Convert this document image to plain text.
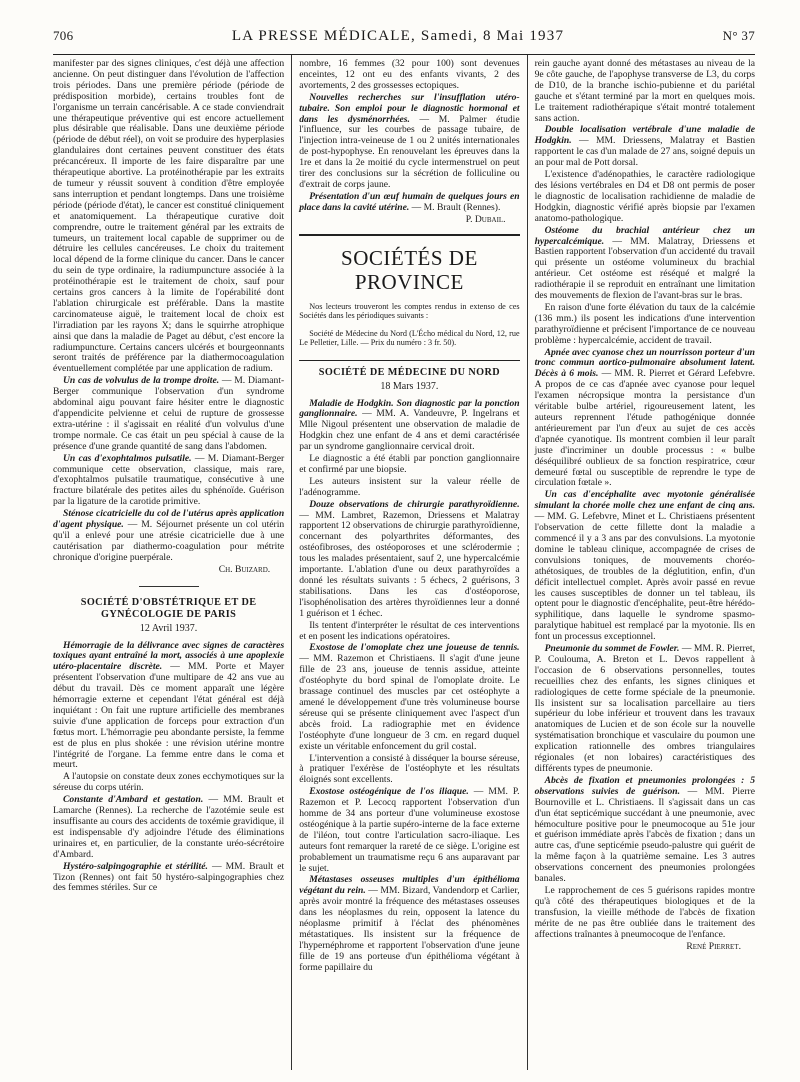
706	LA PRESSE MÉDICALE, Samedi, 8 Mai 1937	N° 37

manifester par des signes cliniques, c'est déjà une affection ancienne. On peut distinguer dans l'évolution de l'affection trois périodes. Dans une première période (période de prédisposition morbide), certains troubles font de l'organisme un terrain cancérisable. A ce stade conviendrait une thérapeutique préventive qui est encore actuellement plus désirable que réalisable. Dans une deuxième période (période de début réel), on voit se produire des hyperplasies glandulaires dont certaines peuvent constituer des états précancéreux. Il importe de les faire disparaître par une thérapeutique abortive. La protéinothérapie par les extraits de tumeur y réussit souvent à condition d'être employée sans interruption et pendant longtemps. Dans une troisième période (période d'état), le cancer est constitué cliniquement et anatomiquement. La thérapeutique curative doit comprendre, outre le traitement général par les extraits de tumeurs, un traitement local capable de supprimer ou de détruire les cellules cancéreuses. Le choix du traitement local dépend de la forme clinique du cancer. Dans le cancer du sein de type ordinaire, la radiumpuncture associée à la protéinothérapie est le traitement de choix, sauf pour certains gros cancers à la limite de l'opérabilité dont l'ablation chirurgicale est préférable. Dans la mastite carcinomateuse aiguë, le traitement local de choix est l'irradiation par les rayons X; dans le squirrhe atrophique ainsi que dans la maladie de Paget au début, c'est encore la radiumpuncture. Certains cancers ulcérés et bourgeonnants seront traités de préférence par la diathermocoagulation éventuellement complétée par une application de radium.

Un cas de volvulus de la trompe droite. — M. Diamant-Berger communique l'observation d'un syndrome abdominal aigu pouvant faire hésiter entre le diagnostic d'appendicite pelvienne et celui de rupture de grossesse extra-utérine : il s'agissait en réalité d'un volvulus d'une trompe normale. Ce cas était un peu spécial à cause de la présence d'une grande quantité de sang dans l'abdomen.

Un cas d'exophtalmos pulsatile. — M. Diamant-Berger communique cette observation, classique, mais rare, d'exophtalmos pulsatile traumatique, consécutive à une fracture bilatérale des petites ailes du sphénoïde. Guérison par la ligature de la carotide primitive.

Sténose cicatricielle du col de l'utérus après application d'agent physique. — M. Séjournet présente un col utérin qu'il a enlevé pour une atrésie cicatricielle due à une cautérisation par diathermo-coagulation pour métrite chronique d'origine puerpérale.

Ch. Buizard.
SOCIÉTÉ D'OBSTÉTRIQUE ET DE GYNÉCOLOGIE DE PARIS
12 Avril 1937.

Hémorragie de la délivrance avec signes de caractères toxiques ayant entraîné la mort, associés à une apoplexie utéro-placentaire discrète. — MM. Porte et Mayer présentent l'observation d'une multipare de 42 ans vue au début du travail. Dès ce moment apparaît une légère hémorragie externe et cependant l'état général est déjà inquiétant : On fait une rupture artificielle des membranes suivie d'une application de forceps pour extraction d'un fœtus mort. L'hémorragie peu abondante persiste, la femme est de plus en plus shokée : une révision utérine montre l'intégrité de l'organe. La femme entre dans le coma et meurt.

A l'autopsie on constate deux zones ecchymotiques sur la séreuse du corps utérin.

Constante d'Ambard et gestation. — MM. Brault et Lamarche (Rennes). La recherche de l'azotémie seule est insuffisante au cours des accidents de toxémie gravidique, il est indispensable d'y adjoindre l'étude des éliminations urinaires et, en particulier, de la constante uréo-sécrétoire d'Ambard.

Hystéro-salpingographie et stérilité. — MM. Brault et Tizon (Rennes) ont fait 50 hystéro-salpingographies chez des femmes stériles. Sur ce

nombre, 16 femmes (32 pour 100) sont devenues enceintes, 12 ont eu des enfants vivants, 2 des avortements, 2 des grossesses ectopiques.

Nouvelles recherches sur l'insufflation utéro-tubaire. Son emploi pour le diagnostic hormonal et dans les dysménorrhées. — M. Palmer étudie l'influence, sur les courbes de passage tubaire, de l'injection intra-veineuse de 1 ou 2 unités internationales de post-hypophyse. En renouvelant les épreuves dans la 1re et dans la 2e moitié du cycle intermenstruel on peut tirer des conclusions sur la sécrétion de folliculine ou d'extrait de corps jaune.

Présentation d'un œuf humain de quelques jours en place dans la cavité utérine. — M. Brault (Rennes).

P. Dubail.
SOCIÉTÉS DE PROVINCE

Nos lecteurs trouveront les comptes rendus in extenso de ces Sociétés dans les périodiques suivants :

Société de Médecine du Nord (L'Écho médical du Nord, 12, rue Le Pelletier, Lille. — Prix du numéro : 3 fr. 50).

SOCIÉTÉ DE MÉDECINE DU NORD
18 Mars 1937.

Maladie de Hodgkin. Son diagnostic par la ponction ganglionnaire. — MM. A. Vandeuvre, P. Ingelrans et Mlle Nigoul présentent une observation de maladie de Hodgkin chez une enfant de 4 ans et demi caractérisée par un syndrome ganglionnaire cervical droit.

Le diagnostic a été établi par ponction ganglionnaire et confirmé par une biopsie.

Les auteurs insistent sur la valeur réelle de l'adénogramme.

Douze observations de chirurgie parathyroïdienne. — MM. Lambret, Razemon, Driessens et Malatray rapportent 12 observations de chirurgie parathyroïdienne, concernant des polyarthrites déformantes, des ostéofibroses, des ostéoporoses et une sclérodermie ; tous les malades présentaient, sauf 2, une hypercalcémie importante. L'ablation d'une ou deux parathyroïdes a donné les résultats suivants : 5 échecs, 2 guérisons, 3 stabilisations. Dans les cas d'ostéoporose, l'isophénolisation des artères thyroïdiennes leur a donné 1 guérison et 1 échec.

Ils tentent d'interpréter le résultat de ces interventions et en posent les indications opératoires.

Exostose de l'omoplate chez une joueuse de tennis. — MM. Razemon et Christiaens. Il s'agit d'une jeune fille de 23 ans, joueuse de tennis assidue, atteinte d'ostéophyte du bord spinal de l'omoplate droite. Le brassage continuel des muscles par cet ostéophyte a amené le développement d'une très volumineuse bourse séreuse qui se présente cliniquement avec l'aspect d'un abcès froid. La radiographie met en évidence l'ostéophyte d'une longueur de 3 cm. en regard duquel existe un véritable enfoncement du gril costal.

L'intervention a consisté à disséquer la bourse séreuse, à pratiquer l'exérèse de l'ostéophyte et les résultats éloignés sont excellents.

Exostose ostéogénique de l'os iliaque. — MM. P. Razemon et P. Lecocq rapportent l'observation d'un homme de 34 ans porteur d'une volumineuse exostose ostéogénique à la partie supéro-interne de la face externe de l'iléon, tout contre l'articulation sacro-iliaque. Les auteurs font remarquer la rareté de ce siège. L'origine est probablement un traumatisme reçu 6 ans auparavant par le sujet.

Métastases osseuses multiples d'un épithélioma végétant du rein. — MM. Bizard, Vandendorp et Carlier, après avoir montré la fréquence des métastases osseuses dans les néoplasmes du rein, opposent la latence du néoplasme primitif à l'éclat des phénomènes métastatiques. Ils insistent sur la fréquence de l'hypernéphrome et rapportent l'observation d'une jeune fille de 19 ans porteuse d'un épithélioma végétant à forme papillaire du

rein gauche ayant donné des métastases au niveau de la 9e côte gauche, de l'apophyse transverse de L3, du corps de D10, de la branche ischio-pubienne et du pariétal gauche et s'étant terminé par la mort en quelques mois. Le traitement radiothérapique s'était montré totalement sans action.

Double localisation vertébrale d'une maladie de Hodgkin. — MM. Driessens, Malatray et Bastien rapportent le cas d'un malade de 27 ans, soigné depuis un an pour mal de Pott dorsal.

L'existence d'adénopathies, le caractère radiologique des lésions vertébrales en D4 et D8 ont permis de poser le diagnostic de localisation rachidienne de maladie de Hodgkin, diagnostic vérifié après biopsie par l'examen anatomo-pathologique.

Ostéome du brachial antérieur chez un hypercalcémique. — MM. Malatray, Driessens et Bastien rapportent l'observation d'un accidenté du travail qui présente un ostéome volumineux du brachial antérieur. Cet ostéome est réséqué et malgré la radiothérapie il se reproduit en entraînant une limitation des mouvements de flexion de l'avant-bras sur le bras.

En raison d'une forte élévation du taux de la calcémie (136 mm.) ils posent les indications d'une intervention parathyroïdienne et précisent l'importance de ce nouveau problème : hypercalcémie, accident de travail.

Apnée avec cyanose chez un nourrisson porteur d'un tronc commun aortico-pulmonaire absolument latent. Décès à 6 mois. — MM. R. Pierret et Gérard Lefebvre. A propos de ce cas d'apnée avec cyanose pour lequel l'examen nécropsique montra la persistance d'un véritable bulbe artériel, rigoureusement latent, les auteurs reprennent l'étude pathogénique donnée antérieurement par l'un d'eux au sujet de ces accès d'apnée cyanotique. Ils montrent combien il leur paraît juste d'incriminer un double processus : « bulbe déséquilibré oublieux de sa fonction respiratrice, cœur demeuré fœtal ou susceptible de reprendre le type de circulation fœtale ».

Un cas d'encéphalite avec myotonie généralisée simulant la chorée molle chez une enfant de cinq ans. — MM. G. Lefebvre, Minet et L. Christiaens présentent l'observation de cette fillette dont la maladie a commencé il y a 3 ans par des convulsions. La myotonie domine le tableau clinique, accompagnée de crises de convulsions toniques, de mouvements choréo-athétosiques, de troubles de la déglutition, enfin, d'un déficit intellectuel complet. Après avoir passé en revue les causes susceptibles de donner un tel tableau, ils optent pour le diagnostic d'encéphalite, peut-être hérédo-syphilitique, dans laquelle le syndrome spasmo-paralytique habituel est remplacé par la myotonie. Ils en font un processus exceptionnel.

Pneumonie du sommet de Fowler. — MM. R. Pierret, P. Coulouma, A. Breton et L. Devos rappellent à l'occasion de 6 observations personnelles, toutes recueillies chez des enfants, les signes cliniques et radiologiques de cette forme spéciale de la pneumonie. Ils insistent sur sa localisation parcellaire au tiers supérieur du lobe inférieur et trouvent dans les travaux anatomiques de Lucien et de son école sur la nouvelle systématisation bronchique et vasculaire du poumon une explication rationnelle des ombres triangulaires régionales (et non lobaires) caractéristiques des différents types de pneumonie.

Abcès de fixation et pneumonies prolongées : 5 observations suivies de guérison. — MM. Pierre Bournoville et L. Christiaens. Il s'agissait dans un cas d'un état septicémique succédant à une pneumonie, avec hémoculture positive pour le pneumocoque au 51e jour et guérison immédiate après l'abcès de fixation ; dans un autre cas, d'une septicémie pseudo-palustre qui guérit de la même façon à la quatrième semaine. Les 3 autres observations concernent des pneumonies prolongées banales.

Le rapprochement de ces 5 guérisons rapides montre qu'à côté des thérapeutiques biologiques et de la transfusion, la vieille méthode de l'abcès de fixation mérite de ne pas être oubliée dans le traitement des affections traînantes à pneumocoque de l'enfance.

René Pierret.
